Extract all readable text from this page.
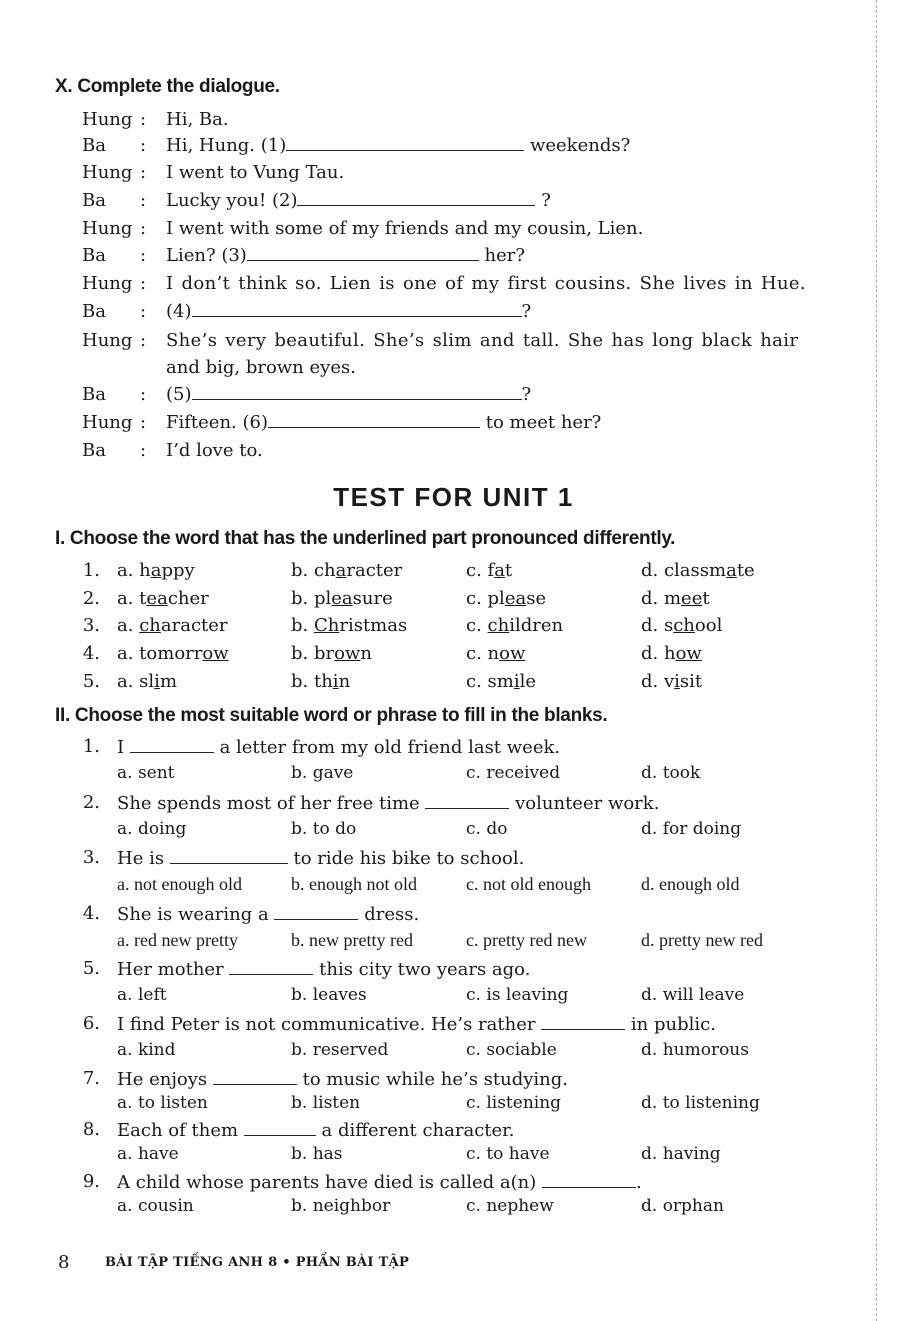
X. Complete the dialogue.
Hung : Hi, Ba.
Ba : Hi, Hung. (1)	weekends?
Hung : I went to Vung Tau.
Ba : Lucky you! (2)	?
Hung : I went with some of my friends and my cousin, Lien.
Ba : Lien? (3)	her?
Hung : I don’t think so. Lien is one of my first cousins. She lives in Hue.
Ba : (4)	?
Hung : She’s very beautiful. She’s slim and tall. She has long black hair
and big, brown eyes.
Ba : (5)	?
Hung : Fifteen. (6)	to meet her?
Ba : I’d love to.
TEST FOR UNIT 1
I. Choose the word that has the underlined part pronounced differently.
1. a. happy	b. character	c. fat	d. classmate
2. a. teacher	b. pleasure	c. please	d. meet
3. a. character	b. Christmas	c. children	d. school
4. a. tomorrow	b. brown	c. now	d. how
5. a. slim	b. thin	c. smile	d. visit
II. Choose the most suitable word or phrase to fill in the blanks.
1. I	a letter from my old friend last week.
a. sent	b. gave	c. received	d. took
2. She spends most of her free time	volunteer work.
a. doing	b. to do	c. do	d. for doing
3. He is	to ride his bike to school.
a. not enough old	b. enough not old	c. not old enough	d. enough old
4. She is wearing a	dress.
a. red new pretty	b. new pretty red	c. pretty red new	d. pretty new red
5. Her mother	this city two years ago.
a. left	b. leaves	c. is leaving	d. will leave
6. I find Peter is not communicative. He’s rather	in public.
a. kind	b. reserved	c. sociable	d. humorous
7. He enjoys	to music while he’s studying.
a. to listen	b. listen	c. listening	d. to listening
8. Each of them	a different character.
a. have	b. has	c. to have	d. having
9. A child whose parents have died is called a(n)	.
a. cousin	b. neighbor	c. nephew	d. orphan
8	BÀI TẬP TIẾNG ANH 8 • PHẦN BÀI TẬP
